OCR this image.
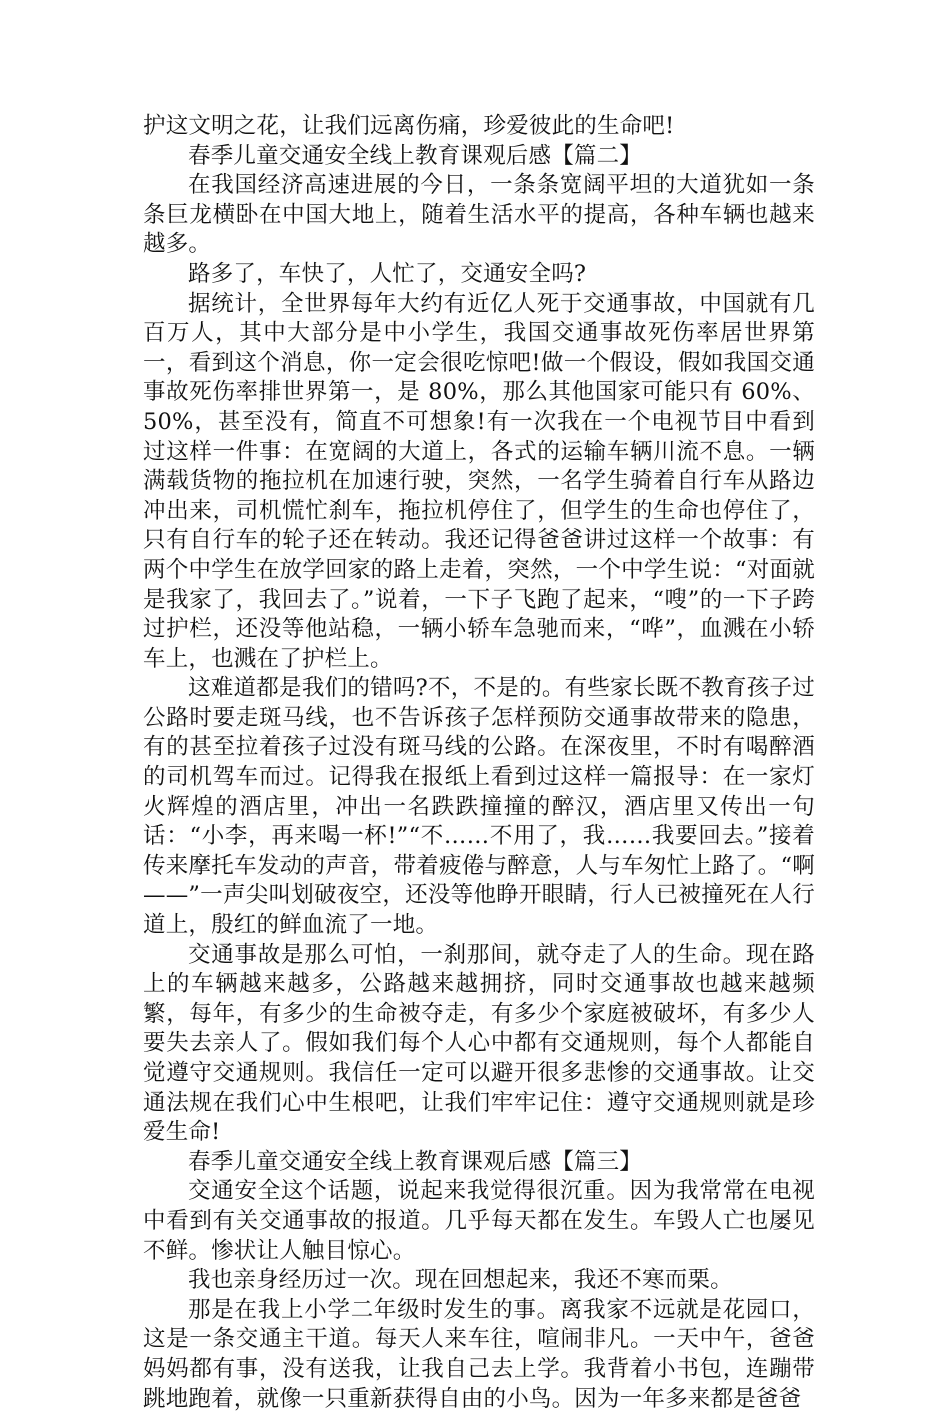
护这文明之花，让我们远离伤痛，珍爱彼此的生命吧!

春季儿童交通安全线上教育课观后感【篇二】

在我国经济高速进展的今日，一条条宽阔平坦的大道犹如一条条巨龙横卧在中国大地上，随着生活水平的提高，各种车辆也越来越多。

路多了，车快了，人忙了，交通安全吗?

据统计，全世界每年大约有近亿人死于交通事故，中国就有几百万人，其中大部分是中小学生，我国交通事故死伤率居世界第一，看到这个消息，你一定会很吃惊吧!做一个假设，假如我国交通事故死伤率排世界第一，是 80%，那么其他国家可能只有 60%、50%，甚至没有，简直不可想象!有一次我在一个电视节目中看到过这样一件事：在宽阔的大道上，各式的运输车辆川流不息。一辆满载货物的拖拉机在加速行驶，突然，一名学生骑着自行车从路边冲出来，司机慌忙刹车，拖拉机停住了，但学生的生命也停住了，只有自行车的轮子还在转动。我还记得爸爸讲过这样一个故事：有两个中学生在放学回家的路上走着，突然，一个中学生说：“对面就是我家了，我回去了。”说着，一下子飞跑了起来，“嗖”的一下子跨过护栏，还没等他站稳，一辆小轿车急驰而来，“哗”，血溅在小轿车上，也溅在了护栏上。

这难道都是我们的错吗?不，不是的。有些家长既不教育孩子过公路时要走斑马线，也不告诉孩子怎样预防交通事故带来的隐患，有的甚至拉着孩子过没有斑马线的公路。在深夜里，不时有喝醉酒的司机驾车而过。记得我在报纸上看到过这样一篇报导：在一家灯火辉煌的酒店里，冲出一名跌跌撞撞的醉汉，酒店里又传出一句话：“小李，再来喝一杯!”“不……不用了，我……我要回去。”接着传来摩托车发动的声音，带着疲倦与醉意，人与车匆忙上路了。“啊——”一声尖叫划破夜空，还没等他睁开眼睛，行人已被撞死在人行道上，殷红的鲜血流了一地。

交通事故是那么可怕，一刹那间，就夺走了人的生命。现在路上的车辆越来越多，公路越来越拥挤，同时交通事故也越来越频繁，每年，有多少的生命被夺走，有多少个家庭被破坏，有多少人要失去亲人了。假如我们每个人心中都有交通规则，每个人都能自觉遵守交通规则。我信任一定可以避开很多悲惨的交通事故。让交通法规在我们心中生根吧，让我们牢牢记住：遵守交通规则就是珍爱生命!

春季儿童交通安全线上教育课观后感【篇三】

交通安全这个话题，说起来我觉得很沉重。因为我常常在电视中看到有关交通事故的报道。几乎每天都在发生。车毁人亡也屡见不鲜。惨状让人触目惊心。

我也亲身经历过一次。现在回想起来，我还不寒而栗。

那是在我上小学二年级时发生的事。离我家不远就是花园口，这是一条交通主干道。每天人来车往，喧闹非凡。一天中午，爸爸妈妈都有事，没有送我，让我自己去上学。我背着小书包，连蹦带跳地跑着，就像一只重新获得自由的小鸟。因为一年多来都是爸爸
